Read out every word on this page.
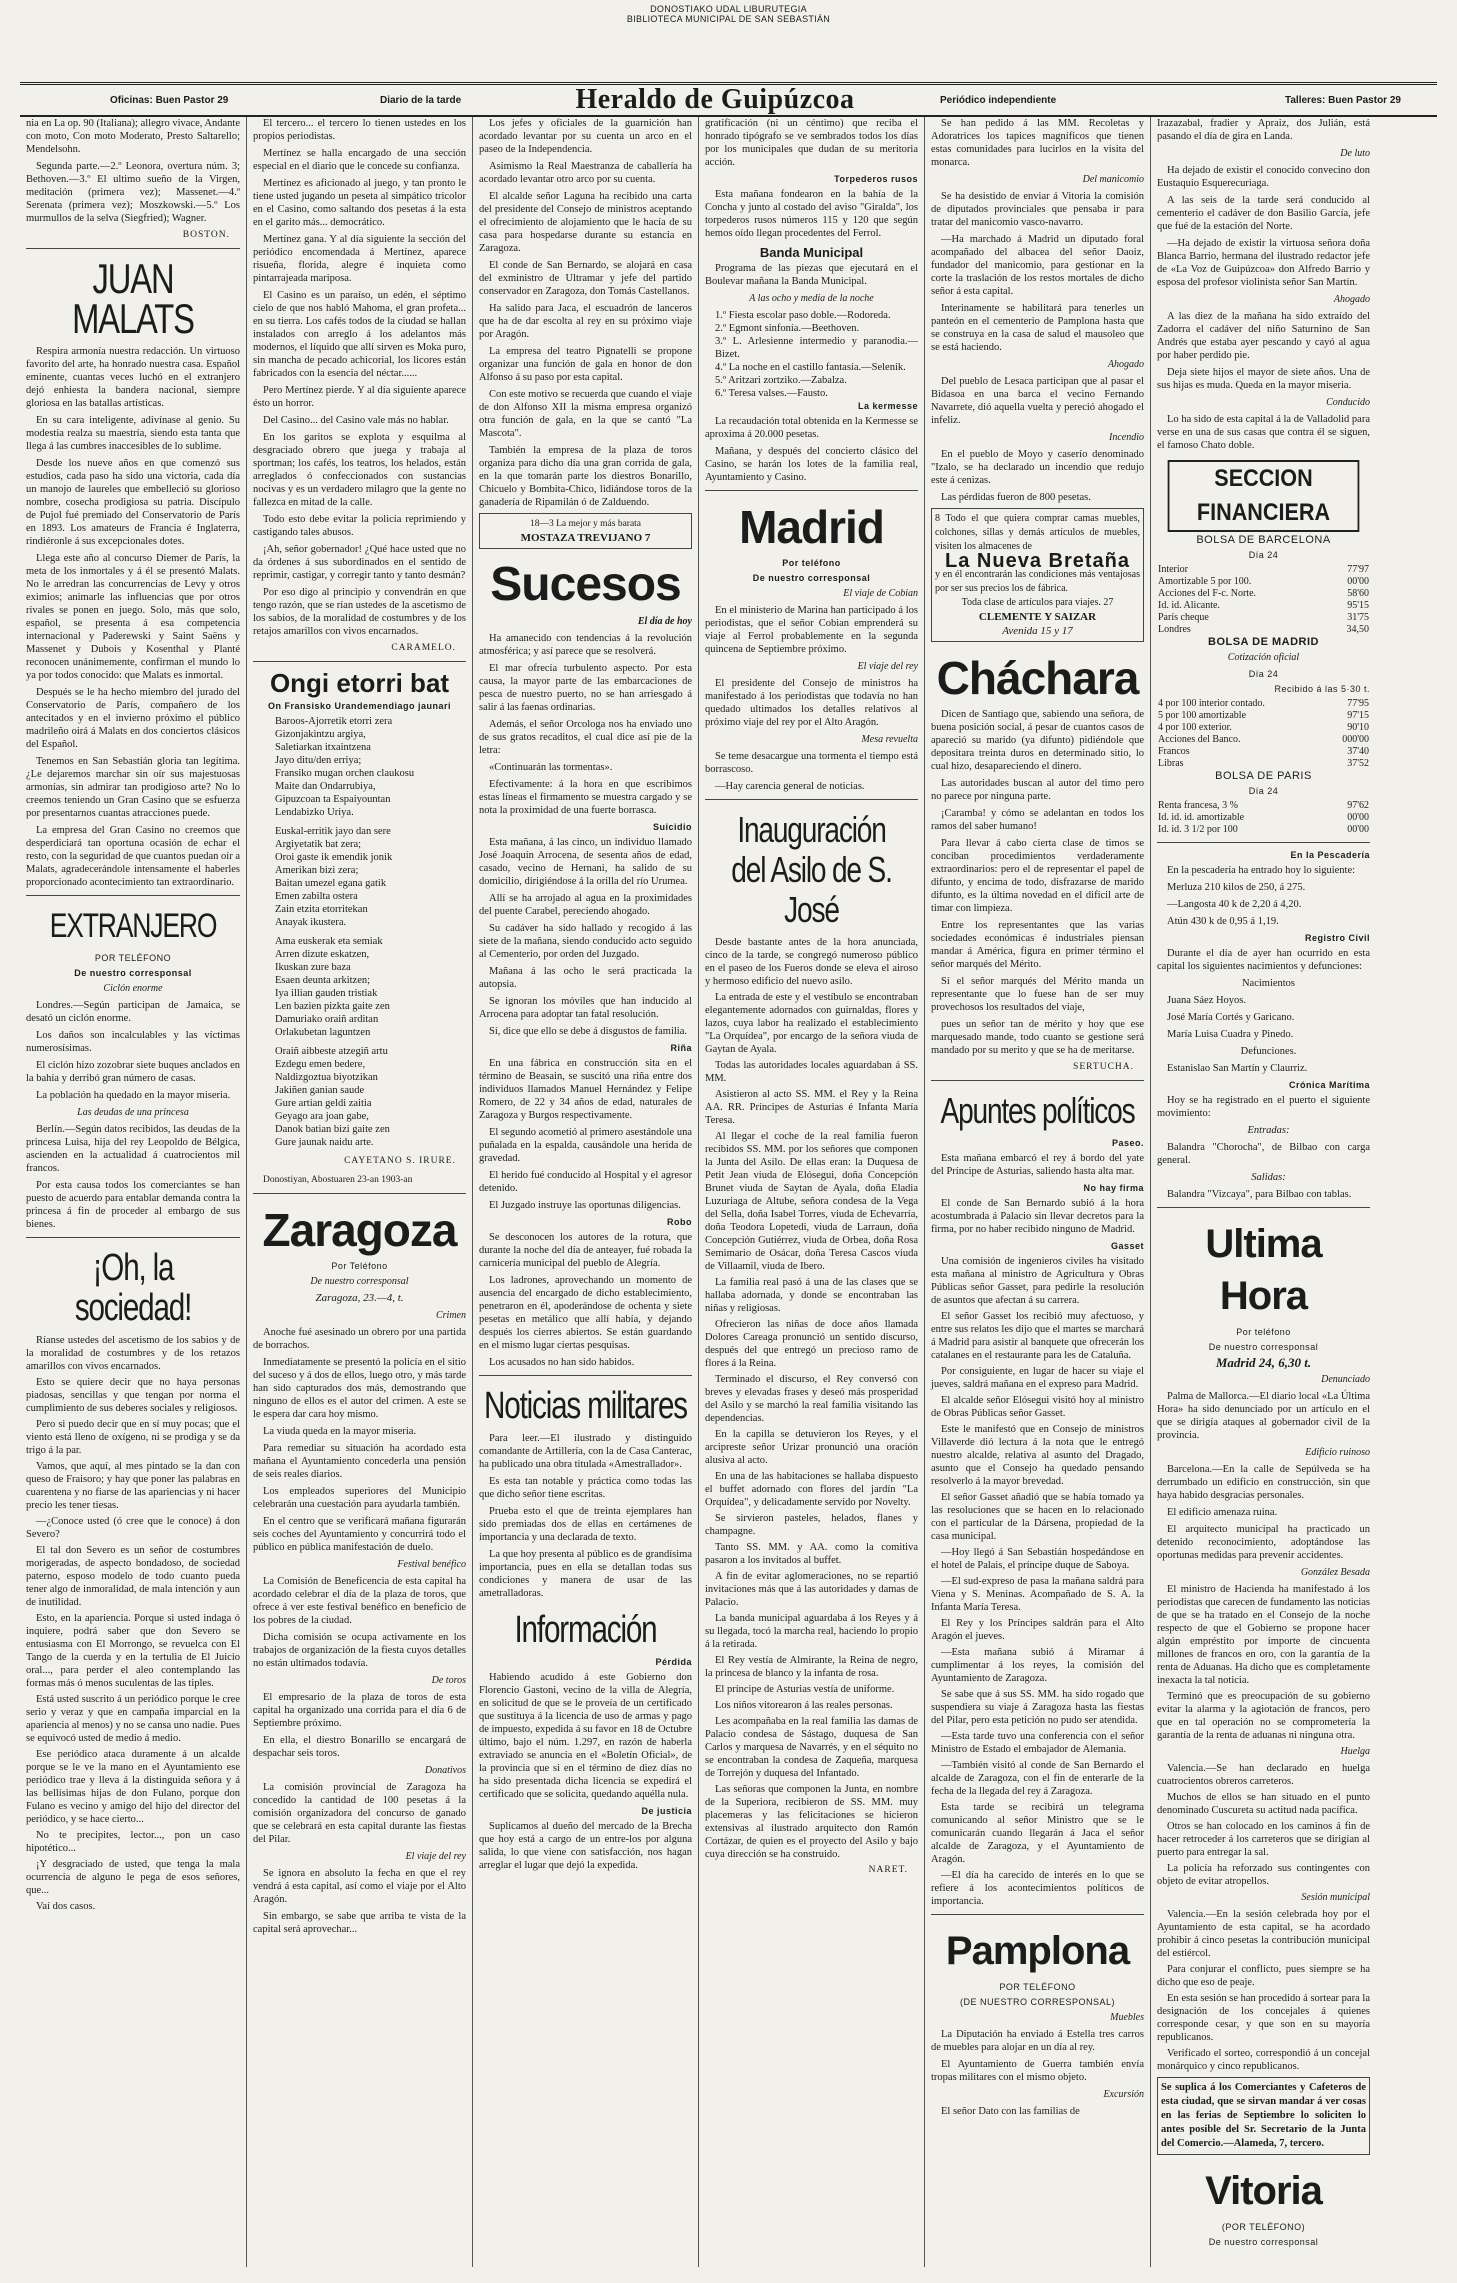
DONOSTIAKO UDAL LIBURUTEGIA
BIBLIOTECA MUNICIPAL DE SAN SEBASTIÁN
Oficinas: Buen Pastor 29	Diario de la tarde	Heraldo de Guipúzcoa	Periódico independiente	Talleres: Buen Pastor 29

nia en La op. 90 (Italiana); allegro vivace, Andante con moto, Con moto Moderato, Presto Saltarello; Mendelsohn.

Segunda parte.—2.º Leonora, overtura núm. 3; Bethoven.—3.º El ultimo sueño de la Virgen, meditación (primera vez); Massenet.—4.º Serenata (primera vez); Moszkowski.—5.º Los murmullos de la selva (Siegfried); Wagner.

BOSTON.
JUAN MALATS

Respira armonía nuestra redacción. Un virtuoso favorito del arte, ha honrado nuestra casa. Español eminente, cuantas veces luchó en el extranjero dejó enhiesta la bandera nacional, siempre gloriosa en las batallas artísticas.

En su cara inteligente, adivínase al genio. Su modestia realza su maestría, siendo esta tanta que llega á las cumbres inaccesibles de lo sublime.

Desde los nueve años en que comenzó sus estudios, cada paso ha sido una victoria, cada día un manojo de laureles que embelleció su glorioso nombre, cosecha prodigiosa su patria. Discípulo de Pujol fué premiado del Conservatorio de París en 1893. Los amateurs de Francia é Inglaterra, rindiéronle á sus excepcionales dotes.

Llega este año al concurso Diemer de París, la meta de los inmortales y á él se presentó Malats. No le arredran las concurrencias de Levy y otros eximios; animarle las influencias que por otros rivales se ponen en juego. Solo, más que solo, español, se presenta á esa competencia internacional y Paderewski y Saint Saëns y Massenet y Dubois y Kosenthal y Planté reconocen unánimemente, confirman el mundo lo ya por todos conocido: que Malats es inmortal.

Después se le ha hecho miembro del jurado del Conservatorio de París, compañero de los antecitados y en el invierno próximo el público madrileño oirá á Malats en dos conciertos clásicos del Español.

Tenemos en San Sebastián gloria tan legítima. ¿Le dejaremos marchar sin oír sus majestuosas armonías, sin admirar tan prodigioso arte? No lo creemos teniendo un Gran Casino que se esfuerza por presentarnos cuantas atracciones puede.

La empresa del Gran Casino no creemos que desperdiciará tan oportuna ocasión de echar el resto, con la seguridad de que cuantos puedan oír a Malats, agradecerándole intensamente el haberles proporcionado acontecimiento tan extraordinario.

EXTRANJERO
POR TELÉFONO
De nuestro corresponsal
Ciclón enorme

Londres.—Según participan de Jamaica, se desató un ciclón enorme.

Los daños son incalculables y las víctimas numerosísimas.

El ciclón hizo zozobrar siete buques anclados en la bahía y derribó gran número de casas.

La población ha quedado en la mayor miseria.

Las deudas de una princesa

Berlín.—Según datos recibidos, las deudas de la princesa Luisa, hija del rey Leopoldo de Bélgica, ascienden en la actualidad á cuatrocientos mil francos.

Por esta causa todos los comerciantes se han puesto de acuerdo para entablar demanda contra la princesa á fin de proceder al embargo de sus bienes.

¡Oh, la sociedad!

Ríanse ustedes del ascetismo de los sabios y de la moralidad de costumbres y de los retazos amarillos con vivos encarnados.

Esto se quiere decir que no haya personas piadosas, sencillas y que tengan por norma el cumplimiento de sus deberes sociales y religiosos.

Pero si puedo decir que en sí muy pocas; que el viento está lleno de oxígeno, ni se prodiga y se da trigo á la par.

Vamos, que aquí, al mes pintado se la dan con queso de Fraisoro; y hay que poner las palabras en cuarentena y no fiarse de las apariencias y ni hacer precio les tener tiesas.

—¿Conoce usted (ó cree que le conoce) á don Severo?

El tal don Severo es un señor de costumbres morigeradas, de aspecto bondadoso, de sociedad paterno, esposo modelo de todo cuanto pueda tener algo de inmoralidad, de mala intención y aun de inutilidad.

Esto, en la apariencia. Porque si usted indaga ó inquiere, podrá saber que don Severo se entusiasma con El Morrongo, se revuelca con El Tango de la cuerda y en la tertulia de El Juicio oral..., para perder el aleo contemplando las formas más ó menos suculentas de las tiples.

Está usted suscrito á un periódico porque le cree serio y veraz y que en campaña imparcial en la apariencia al menos) y no se cansa uno nadie. Pues se equivocó usted de medio á medio.

Ese periódico ataca duramente á un alcalde porque se le ve la mano en el Ayuntamiento ese periódico trae y lleva á la distinguida señora y á las bellísimas hijas de don Fulano, porque don Fulano es vecino y amigo del hijo del director del periódico, y se hace cierto...

No te precipites, lector..., pon un caso hipotético...

¡Y desgraciado de usted, que tenga la mala ocurrencia de alguno le pega de esos señores, que...

Vaí dos casos.

El tercero... el tercero lo tienen ustedes en los propios periodistas.

Mertínez se halla encargado de una sección especial en el diario que le concede su confianza.

Mertínez es aficionado al juego, y tan pronto le tiene usted jugando un peseta al simpático tricolor en el Casino, como saltando dos pesetas á la esta en el garito más... democrático.

Mertínez gana. Y al día siguiente la sección del periódico encomendada á Mertínez, aparece risueña, florida, alegre é inquieta como pintarrajeada mariposa.

El Casino es un paraíso, un edén, el séptimo cielo de que nos habló Mahoma, el gran profeta... en su tierra. Los cafés todos de la ciudad se hallan instalados con arreglo á los adelantos más modernos, el líquido que allí sirven es Moka puro, sin mancha de pecado achicorial, los licores están fabricados con la esencia del néctar......

Pero Mertínez pierde. Y al día siguiente aparece ésto un horror.

Del Casino... del Casino vale más no hablar.

En los garitos se explota y esquilma al desgraciado obrero que juega y trabaja al sportman; los cafés, los teatros, los helados, están arreglados ó confeccionados con sustancias nocivas y es un verdadero milagro que la gente no fallezca en mitad de la calle.

Todo esto debe evitar la policía reprimiendo y castigando tales abusos.

¡Ah, señor gobernador! ¿Qué hace usted que no da órdenes á sus subordinados en el sentido de reprimir, castigar, y corregir tanto y tanto desmán?

Por eso digo al principio y convendrán en que tengo razón, que se rían ustedes de la ascetismo de los sabios, de la moralidad de costumbres y de los retajos amarillos con vivos encarnados.

CARAMELO.
Ongi etorri bat
On Fransisko Urandemendiago jaunari
Baroos-Ajorretik etorri zera
Gizonjakintzu argiya,
Saletiarkan itxaintzena
Jayo ditu/den erriya;
Fransiko mugan orchen claukosu
Maite dan Ondarrubiya,
Gipuzcoan ta Espaiyountan
Lendabizko Uriya.
Euskal-erritik jayo dan sere
Argiyetatik bat zera;
Oroi gaste ik emendik jonik
Amerikan bizi zera;
Baitan umezel egana gatik
Emen zabilta ostera
Zain etzita etorritekan
Anayak ikustera.
Ama euskerak eta semiak
Arren dizute eskatzen,
Ikuskan zure baza
Esaen deunta arkitzen;
Iya illian gauden tristiak
Len bazien pizkta gaite zen
Damuriako oraiñ arditan
Orlakubetan laguntzen
Oraiñ aibbeste atzegiñ artu
Ezdegu emen bedere,
Naldizgoztua biyotzikan
Jakiñen ganian saude
Gure artian geldi zaitia
Geyago ara joan gabe,
Danok batian bizi gaite zen
Gure jaunak naidu arte.
CAYETANO S. IRURE.

Donostiyan, Abostuaren 23-an 1903-an

Zaragoza
Por Teléfono
De nuestro corresponsal
Zaragoza, 23.—4, t.
Crimen

Anoche fué asesinado un obrero por una partida de borrachos.

Inmediatamente se presentó la policía en el sitio del suceso y á dos de ellos, luego otro, y más tarde han sido capturados dos más, demostrando que ninguno de ellos es el autor del crimen. A este se le espera dar cara hoy mismo.

La viuda queda en la mayor miseria.

Para remediar su situación ha acordado esta mañana el Ayuntamiento concederla una pensión de seis reales diarios.

Los empleados superiores del Municipio celebrarán una cuestación para ayudarla también.

En el centro que se verificará mañana figurarán seis coches del Ayuntamiento y concurrirá todo el público en pública manifestación de duelo.

Festival benéfico

La Comisión de Beneficencia de esta capital ha acordado celebrar el día de la plaza de toros, que ofrece á ver este festival benéfico en beneficio de los pobres de la ciudad.

Dicha comisión se ocupa activamente en los trabajos de organización de la fiesta cuyos detalles no están ultimados todavía.

De toros

El empresario de la plaza de toros de esta capital ha organizado una corrida para el día 6 de Septiembre próximo.

En ella, el diestro Bonarillo se encargará de despachar seis toros.

Donativos

La comisión provincial de Zaragoza ha concedido la cantidad de 100 pesetas á la comisión organizadora del concurso de ganado que se celebrará en esta capital durante las fiestas del Pilar.

El viaje del rey

Se ignora en absoluto la fecha en que el rey vendrá á esta capital, así como el viaje por el Alto Aragón.

Sin embargo, se sabe que arriba te vista de la capital será aprovechar...

Los jefes y oficiales de la guarnición han acordado levantar por su cuenta un arco en el paseo de la Independencia.

Asimismo la Real Maestranza de caballería ha acordado levantar otro arco por su cuenta.

El alcalde señor Laguna ha recibido una carta del presidente del Consejo de ministros aceptando el ofrecimiento de alojamiento que le hacía de su casa para hospedarse durante su estancia en Zaragoza.

El conde de San Bernardo, se alojará en casa del exministro de Ultramar y jefe del partido conservador en Zaragoza, don Tomás Castellanos.

Ha salido para Jaca, el escuadrón de lanceros que ha de dar escolta al rey en su próximo viaje por Aragón.

La empresa del teatro Pignatelli se propone organizar una función de gala en honor de don Alfonso á su paso por esta capital.

Con este motivo se recuerda que cuando el viaje de don Alfonso XII la misma empresa organizó otra función de gala, en la que se cantó "La Mascota".

También la empresa de la plaza de toros organiza para dicho día una gran corrida de gala, en la que tomarán parte los diestros Bonarillo, Chicuelo y Bombita-Chico, lidiándose toros de la ganadería de Ripamilán ó de Zalduendo.

18—3 La mejor y más barata
MOSTAZA TREVIJANO 7
Sucesos
El día de hoy

Ha amanecido con tendencias á la revolución atmosférica; y así parece que se resolverá.

El mar ofrecía turbulento aspecto. Por esta causa, la mayor parte de las embarcaciones de pesca de nuestro puerto, no se han arriesgado á salir á las faenas ordinarias.

Además, el señor Orcologa nos ha enviado uno de sus gratos recaditos, el cual dice así pie de la letra:

«Continuarán las tormentas».

Efectivamente: á la hora en que escribimos estas líneas el firmamento se muestra cargado y se nota la proximidad de una fuerte borrasca.

Suicidio

Esta mañana, á las cinco, un individuo llamado José Joaquín Arrocena, de sesenta años de edad, casado, vecino de Hernani, ha salido de su domicilio, dirigiéndose á la orilla del río Urumea.

Allí se ha arrojado al agua en la proximidades del puente Carabel, pereciendo ahogado.

Su cadáver ha sido hallado y recogido á las siete de la mañana, siendo conducido acto seguido al Cementerio, por orden del Juzgado.

Mañana á las ocho le será practicada la autopsia.

Se ignoran los móviles que han inducido al Arrocena para adoptar tan fatal resolución.

Sí, dice que ello se debe á disgustos de familia.

Riña

En una fábrica en construcción sita en el término de Beasain, se suscitó una riña entre dos individuos llamados Manuel Hernández y Felipe Romero, de 22 y 34 años de edad, naturales de Zaragoza y Burgos respectivamente.

El segundo acometió al primero asestándole una puñalada en la espalda, causándole una herida de gravedad.

El herido fué conducido al Hospital y el agresor detenido.

El Juzgado instruye las oportunas diligencias.

Robo

Se desconocen los autores de la rotura, que durante la noche del día de anteayer, fué robada la carnicería municipal del pueblo de Alegría.

Los ladrones, aprovechando un momento de ausencia del encargado de dicho establecimiento, penetraron en él, apoderándose de ochenta y siete pesetas en metálico que allí había, y dejando después los cierres abiertos. Se están guardando en el mismo lugar ciertas pesquisas.

Los acusados no han sido habidos.

Noticias militares

Para leer.—El ilustrado y distinguido comandante de Artillería, con la de Casa Canterac, ha publicado una obra titulada «Amestrallador».

Es esta tan notable y práctica como todas las que dicho señor tiene escritas.

Prueba esto el que de treinta ejemplares han sido premiadas dos de ellas en certámenes de importancia y una declarada de texto.

La que hoy presenta al público es de grandísima importancia, pues en ella se detallan todas sus condiciones y manera de usar de las ametralladoras.

Información
Pérdida

Habiendo acudido á este Gobierno don Florencio Gastoni, vecino de la villa de Alegría, en solicitud de que se le proveía de un certificado que sustituya á la licencia de uso de armas y pago de impuesto, expedida á su favor en 18 de Octubre último, bajo el núm. 1.297, en razón de haberla extraviado se anuncia en el «Boletín Oficial», de la provincia que si en el término de diez días no ha sido presentada dicha licencia se expedirá el certificado que se solicita, quedando aquélla nula.

De justicia

Suplicamos al dueño del mercado de la Brecha que hoy está a cargo de un entre-los por alguna salida, lo que viene con satisfacción, nos hagan arreglar el lugar que dejó la expedida.

gratificación (ni un céntimo) que reciba el honrado tipógrafo se ve sembrados todos los días por los municipales que dudan de su meritoria acción.

Torpederos rusos

Esta mañana fondearon en la bahía de la Concha y junto al costado del aviso "Giralda", los torpederos rusos números 115 y 120 que según hemos oído llegan procedentes del Ferrol.

Banda Municipal

Programa de las piezas que ejecutará en el Boulevar mañana la Banda Municipal.

A las ocho y media de la noche
1.º Fiesta escolar paso doble.—Rodoreda.
2.º Egmont sinfonía.—Beethoven.
3.º L. Arlesienne intermedio y paranodia.—Bizet.
4.º La noche en el castillo fantasía.—Selenik.
5.º Aritzari zortziko.—Zabalza.
6.º Teresa valses.—Fausto.
La kermesse

La recaudación total obtenida en la Kermesse se aproxima á 20.000 pesetas.

Mañana, y después del concierto clásico del Casino, se harán los lotes de la familia real, Ayuntamiento y Casino.

Madrid
Por teléfono
De nuestro corresponsal
El viaje de Cobian

En el ministerio de Marina han participado á los periodistas, que el señor Cobian emprenderá su viaje al Ferrol probablemente en la segunda quincena de Septiembre próximo.

El viaje del rey

El presidente del Consejo de ministros ha manifestado á los periodistas que todavía no han quedado ultimados los detalles relativos al próximo viaje del rey por el Alto Aragón.

Mesa revuelta

Se teme desacargue una tormenta el tiempo está borrascoso.

—Hay carencia general de noticias.

Inauguración del Asilo de S. José

Desde bastante antes de la hora anunciada, cinco de la tarde, se congregó numeroso público en el paseo de los Fueros donde se eleva el airoso y hermoso edificio del nuevo asilo.

La entrada de este y el vestíbulo se encontraban elegantemente adornados con guirnaldas, flores y lazos, cuya labor ha realizado el establecimiento "La Orquídea", por encargo de la señora viuda de Gaytan de Ayala.

Todas las autoridades locales aguardaban á SS. MM.

Asistieron al acto SS. MM. el Rey y la Reina AA. RR. Príncipes de Asturias é Infanta María Teresa.

Al llegar el coche de la real familia fueron recibidos SS. MM. por los señores que componen la Junta del Asilo. De ellas eran: la Duquesa de Petit Jean viuda de Elósegui, doña Concepción Brunet viuda de Saytan de Ayala, doña Eladia Luzuriaga de Altube, señora condesa de la Vega del Sella, doña Isabel Torres, viuda de Echevarría, doña Teodora Lopetedi, viuda de Larraun, doña Concepción Gutiérrez, viuda de Orbea, doña Rosa Semimario de Osácar, doña Teresa Cascos viuda de Villaamil, viuda de Ibero.

La familia real pasó á una de las clases que se hallaba adornada, y donde se encontraban las niñas y religiosas.

Ofrecieron las niñas de doce años llamada Dolores Careaga pronunció un sentido discurso, después del que entregó un precioso ramo de flores á la Reina.

Terminado el discurso, el Rey conversó con breves y elevadas frases y deseó más prosperidad del Asilo y se marchó la real familia visitando las dependencias.

En la capilla se detuvieron los Reyes, y el arcipreste señor Urizar pronunció una oración alusiva al acto.

En una de las habitaciones se hallaba dispuesto el buffet adornado con flores del jardín "La Orquídea", y delicadamente servido por Novelty.

Se sirvieron pasteles, helados, flanes y champagne.

Tanto SS. MM. y AA. como la comitiva pasaron a los invitados al buffet.

A fin de evitar aglomeraciones, no se repartió invitaciones más que á las autoridades y damas de Palacio.

La banda municipal aguardaba á los Reyes y á su llegada, tocó la marcha real, haciendo lo propio á la retirada.

El Rey vestía de Almirante, la Reina de negro, la princesa de blanco y la infanta de rosa.

El príncipe de Asturias vestía de uniforme.

Los niños vitorearon á las reales personas.

Les acompañaba en la real familia las damas de Palacio condesa de Sástago, duquesa de San Carlos y marquesa de Navarrés, y en el séquito no se encontraban la condesa de Zaqueña, marquesa de Torrejón y duquesa del Infantado.

Las señoras que componen la Junta, en nombre de la Superiora, recibieron de SS. MM. muy placemeras y las felicitaciones se hicieron extensivas al ilustrado arquitecto don Ramón Cortázar, de quien es el proyecto del Asilo y bajo cuya dirección se ha construido.

NARET.

Se han pedido á las MM. Recoletas y Adoratrices los tapices magníficos que tienen estas comunidades para lucirlos en la visita del monarca.

Del manicomio

Se ha desistido de enviar á Vitoria la comisión de diputados provinciales que pensaba ir para tratar del manicomio vasco-navarro.

—Ha marchado á Madrid un diputado foral acompañado del albacea del señor Daoiz, fundador del manicomio, para gestionar en la corte la traslación de los restos mortales de dicho señor á esta capital.

Interinamente se habilitará para tenerles un panteón en el cementerio de Pamplona hasta que se construya en la casa de salud el mausoleo que se está haciendo.

Ahogado

Del pueblo de Lesaca participan que al pasar el Bidasoa en una barca el vecino Fernando Navarrete, dió aquella vuelta y pereció ahogado el infeliz.

Incendio

En el pueblo de Moyo y caserío denominado "Izalo, se ha declarado un incendio que redujo este á cenizas.

Las pérdidas fueron de 800 pesetas.

8 Todo el que quiera comprar camas muebles, colchones, sillas y demás artículos de muebles, visiten los almacenes de
La Nueva Bretaña
y en él encontrarán las condiciones más ventajosas por ser sus precios los de fábrica.
Toda clase de artículos para viajes. 27
CLEMENTE Y SAIZAR
Avenida 15 y 17
Cháchara

Dicen de Santiago que, sabiendo una señora, de buena posición social, á pesar de cuantos casos de apareció su marido (ya difunto) pidiéndole que depositara treinta duros en determinado sitio, lo cual hizo, desapareciendo el dinero.

Las autoridades buscan al autor del timo pero no parece por ninguna parte.

¡Caramba! y cómo se adelantan en todos los ramos del saber humano!

Para llevar á cabo cierta clase de timos se conciban procedimientos verdaderamente extraordinarios: pero el de representar el papel de difunto, y encima de todo, disfrazarse de marido difunto, es la última novedad en el difícil arte de timar con limpieza.

Entre los representantes que las varias sociedades económicas é industriales piensan mandar á América, figura en primer término el señor marqués del Mérito.

Sí el señor marqués del Mérito manda un representante que lo fuese han de ser muy provechosos los resultados del viaje,

pues un señor tan de mérito y hoy que ese marquesado mande, todo cuanto se gestione será mandado por su merito y que se ha de meritarse.

SERTUCHA.
Apuntes políticos
Paseo.

Esta mañana embarcó el rey á bordo del yate del Príncipe de Asturias, saliendo hasta alta mar.

No hay firma

El conde de San Bernardo subió á la hora acostumbrada á Palacio sin llevar decretos para la firma, por no haber recibido ninguno de Madrid.

Gasset

Una comisión de ingenieros civiles ha visitado esta mañana al ministro de Agricultura y Obras Públicas señor Gasset, para pedirle la resolución de asuntos que afectan á su carrera.

El señor Gasset los recibió muy afectuoso, y entre sus relatos les dijo que el martes se marchará á Madrid para asistir al banquete que ofrecerán los catalanes en el restaurante para les de Cataluña.

Por consiguiente, en lugar de hacer su viaje el jueves, saldrá mañana en el expreso para Madrid.

El alcalde señor Elósegui visitó hoy al ministro de Obras Públicas señor Gasset.

Este le manifestó que en Consejo de ministros Villaverde dió lectura á la nota que le entregó nuestro alcalde, relativa al asunto del Dragado, asunto que el Consejo ha quedado pensando resolverlo á la mayor brevedad.

El señor Gasset añadió que se había tomado ya las resoluciones que se hacen en lo relacionado con el particular de la Dársena, propiedad de la casa municipal.

—Hoy llegó á San Sebastián hospedándose en el hotel de Palais, el príncipe duque de Saboya.

—El sud-expreso de pasa la mañana saldrá para Viena y S. Meninas. Acompañado de S. A. la Infanta María Teresa.

El Rey y los Príncipes saldrán para el Alto Aragón el jueves.

—Esta mañana subió á Miramar á cumplimentar á los reyes, la comisión del Ayuntamiento de Zaragoza.

Se sabe que á sus SS. MM. ha sido rogado que suspendiera su viaje á Zaragoza hasta las fiestas del Pilar, pero esta petición no pudo ser atendida.

—Esta tarde tuvo una conferencia con el señor Ministro de Estado el embajador de Alemania.

—También visitó al conde de San Bernardo el alcalde de Zaragoza, con el fin de enterarle de la fecha de la llegada del rey á Zaragoza.

Esta tarde se recibirá un telegrama comunicando al señor Ministro que se le comunicarán cuando llegarán á Jaca el señor alcalde de Zaragoza, y el Ayuntamiento de Aragón.

—El día ha carecido de interés en lo que se refiere á los acontecimientos políticos de importancia.

Pamplona
POR TELÉFONO
(DE NUESTRO CORRESPONSAL)
Muebles

La Diputación ha enviado á Estella tres carros de muebles para alojar en un día al rey.

El Ayuntamiento de Guerra también envía tropas militares con el mismo objeto.

Excursión

El señor Dato con las familias de

Irazazabal, fradier y Apraiz, dos Julián, está pasando el día de gira en Landa.

De luto

Ha dejado de existir el conocido convecino don Eustaquio Esquerecuriaga.

A las seis de la tarde será conducido al cementerio el cadáver de don Basilio García, jefe que fué de la estación del Norte.

—Ha dejado de existir la virtuosa señora doña Blanca Barrio, hermana del ilustrado redactor jefe de «La Voz de Guipúzcoa» don Alfredo Barrio y esposa del profesor violinista señor San Martín.

Ahogado

A las diez de la mañana ha sido extraído del Zadorra el cadáver del niño Saturnino de San Andrés que estaba ayer pescando y cayó al agua por haber perdido pie.

Deja siete hijos el mayor de siete años. Una de sus hijas es muda. Queda en la mayor miseria.

Conducido

Lo ha sido de esta capital á la de Valladolid para verse en una de sus casas que contra él se siguen, el famoso Chato doble.

SECCION FINANCIERA
BOLSA DE BARCELONA
Día 24
Interior	77'97
Amortizable 5 por 100.	00'00
Acciones del F-c. Norte.	58'60
Id. id. Alicante.	95'15
París cheque	31'75
Londres	34,50
BOLSA DE MADRID
Cotización oficial
Día 24
Recibido á las 5·30 t.
4 por 100 interior contado.	77'95
5 por 100 amortizable	97'15
4 por 100 exterior.	90'10
Acciones del Banco.	000'00
Francos	37'40
Libras	37'52
BOLSA DE PARIS
Día 24
Renta francesa, 3 %	97'62
Id. id. id. amortizable	00'00
Id. id. 3 1/2 por 100	00'00
En la Pescadería

En la pescadería ha entrado hoy lo siguiente:

Merluza 210 kilos de 250, á 275.

—Langosta 40 k de 2,20 á 4,20.

Atún 430 k de 0,95 á 1,19.

Registro Civil

Durante el día de ayer han ocurrido en esta capital los siguientes nacimientos y defunciones:

Nacimientos

Juana Sáez Hoyos.

José María Cortés y Garicano.

María Luisa Cuadra y Pinedo.

Defunciones.

Estanislao San Martín y Claurriz.

Crónica Marítima

Hoy se ha registrado en el puerto el siguiente movimiento:

Entradas:

Balandra "Chorocha", de Bilbao con carga general.

Salidas:

Balandra "Vizcaya", para Bilbao con tablas.

Ultima Hora
Por teléfono
De nuestro corresponsal
Madrid 24, 6,30 t.
Denunciado

Palma de Mallorca.—El diario local «La Última Hora» ha sido denunciado por un artículo en el que se dirigía ataques al gobernador civil de la provincia.

Edificio ruinoso

Barcelona.—En la calle de Sepúlveda se ha derrumbado un edificio en construcción, sin que haya habido desgracias personales.

El edificio amenaza ruina.

El arquitecto municipal ha practicado un detenido reconocimiento, adoptándose las oportunas medidas para prevenir accidentes.

González Besada

El ministro de Hacienda ha manifestado á los periodistas que carecen de fundamento las noticias de que se ha tratado en el Consejo de la noche respecto de que el Gobierno se propone hacer algún empréstito por importe de cincuenta millones de francos en oro, con la garantía de la renta de Aduanas. Ha dicho que es completamente inexacta la tal noticia.

Terminó que es preocupación de su gobierno evitar la alarma y la agiotación de francos, pero que en tal operación no se comprometería la garantía de la renta de aduanas ni ninguna otra.

Huelga

Valencia.—Se han declarado en huelga cuatrocientos obreros carreteros.

Muchos de ellos se han situado en el punto denominado Cuscureta su actitud nada pacífica.

Otros se han colocado en los caminos á fin de hacer retroceder á los carreteros que se dirigían al puerto para entregar la sal.

La policía ha reforzado sus contingentes con objeto de evitar atropellos.

Sesión municipal

Valencia.—En la sesión celebrada hoy por el Ayuntamiento de esta capital, se ha acordado prohibir á cinco pesetas la contribución municipal del estiércol.

Para conjurar el conflicto, pues siempre se ha dicho que eso de peaje.

En esta sesión se han procedido á sortear para la designación de los concejales á quienes corresponde cesar, y que son en su mayoría republicanos.

Verificado el sorteo, correspondió á un concejal monárquico y cinco republicanos.

Se suplica á los Comerciantes y Cafeteros de esta ciudad, que se sirvan mandar á ver cosas en las ferias de Septiembre lo soliciten lo antes posible del Sr. Secretario de la Junta del Comercio.—Alameda, 7, tercero.
Vitoria
(POR TELÉFONO)
De nuestro corresponsal
